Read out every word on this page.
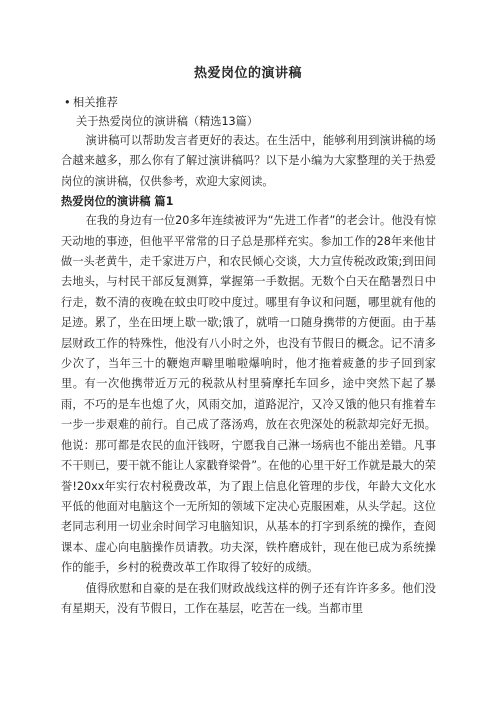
热爱岗位的演讲稿
• 相关推荐
关于热爱岗位的演讲稿（精选13篇）

演讲稿可以帮助发言者更好的表达。在生活中，能够利用到演讲稿的场合越来越多，那么你有了解过演讲稿吗？以下是小编为大家整理的关于热爱岗位的演讲稿，仅供参考，欢迎大家阅读。

热爱岗位的演讲稿 篇1

在我的身边有一位20多年连续被评为“先进工作者”的老会计。他没有惊天动地的事迹，但他平平常常的日子总是那样充实。参加工作的28年来他甘做一头老黄牛，走千家进万户，和农民倾心交谈，大力宣传税改政策;到田间去地头，与村民干部反复测算，掌握第一手数据。无数个白天在酷暑烈日中行走，数不清的夜晚在蚊虫叮咬中度过。哪里有争议和问题，哪里就有他的足迹。累了，坐在田埂上歇一歇;饿了，就啃一口随身携带的方便面。由于基层财政工作的特殊性，他没有八小时之外，也没有节假日的概念。记不清多少次了，当年三十的鞭炮声噼里啪啦爆响时，他才拖着疲惫的步子回到家里。有一次他携带近万元的税款从村里骑摩托车回乡，途中突然下起了暴雨，不巧的是车也熄了火，风雨交加，道路泥泞，又冷又饿的他只有推着车一步一步艰难的前行。自己成了落汤鸡，放在衣兜深处的税款却完好无损。他说：那可都是农民的血汗钱呀，宁愿我自己淋一场病也不能出差错。凡事不干则已，要干就不能让人家戳脊梁骨”。在他的心里干好工作就是最大的荣誉!20xx年实行农村税费改革，为了跟上信息化管理的步伐，年龄大文化水平低的他面对电脑这个一无所知的领域下定决心克服困难，从头学起。这位老同志利用一切业余时间学习电脑知识，从基本的打字到系统的操作，查阅课本、虚心向电脑操作员请教。功夫深，铁杵磨成针，现在他已成为系统操作的能手，乡村的税费改革工作取得了较好的成绩。

值得欣慰和自豪的是在我们财政战线这样的例子还有许许多多。他们没有星期天，没有节假日，工作在基层，吃苦在一线。当都市里
